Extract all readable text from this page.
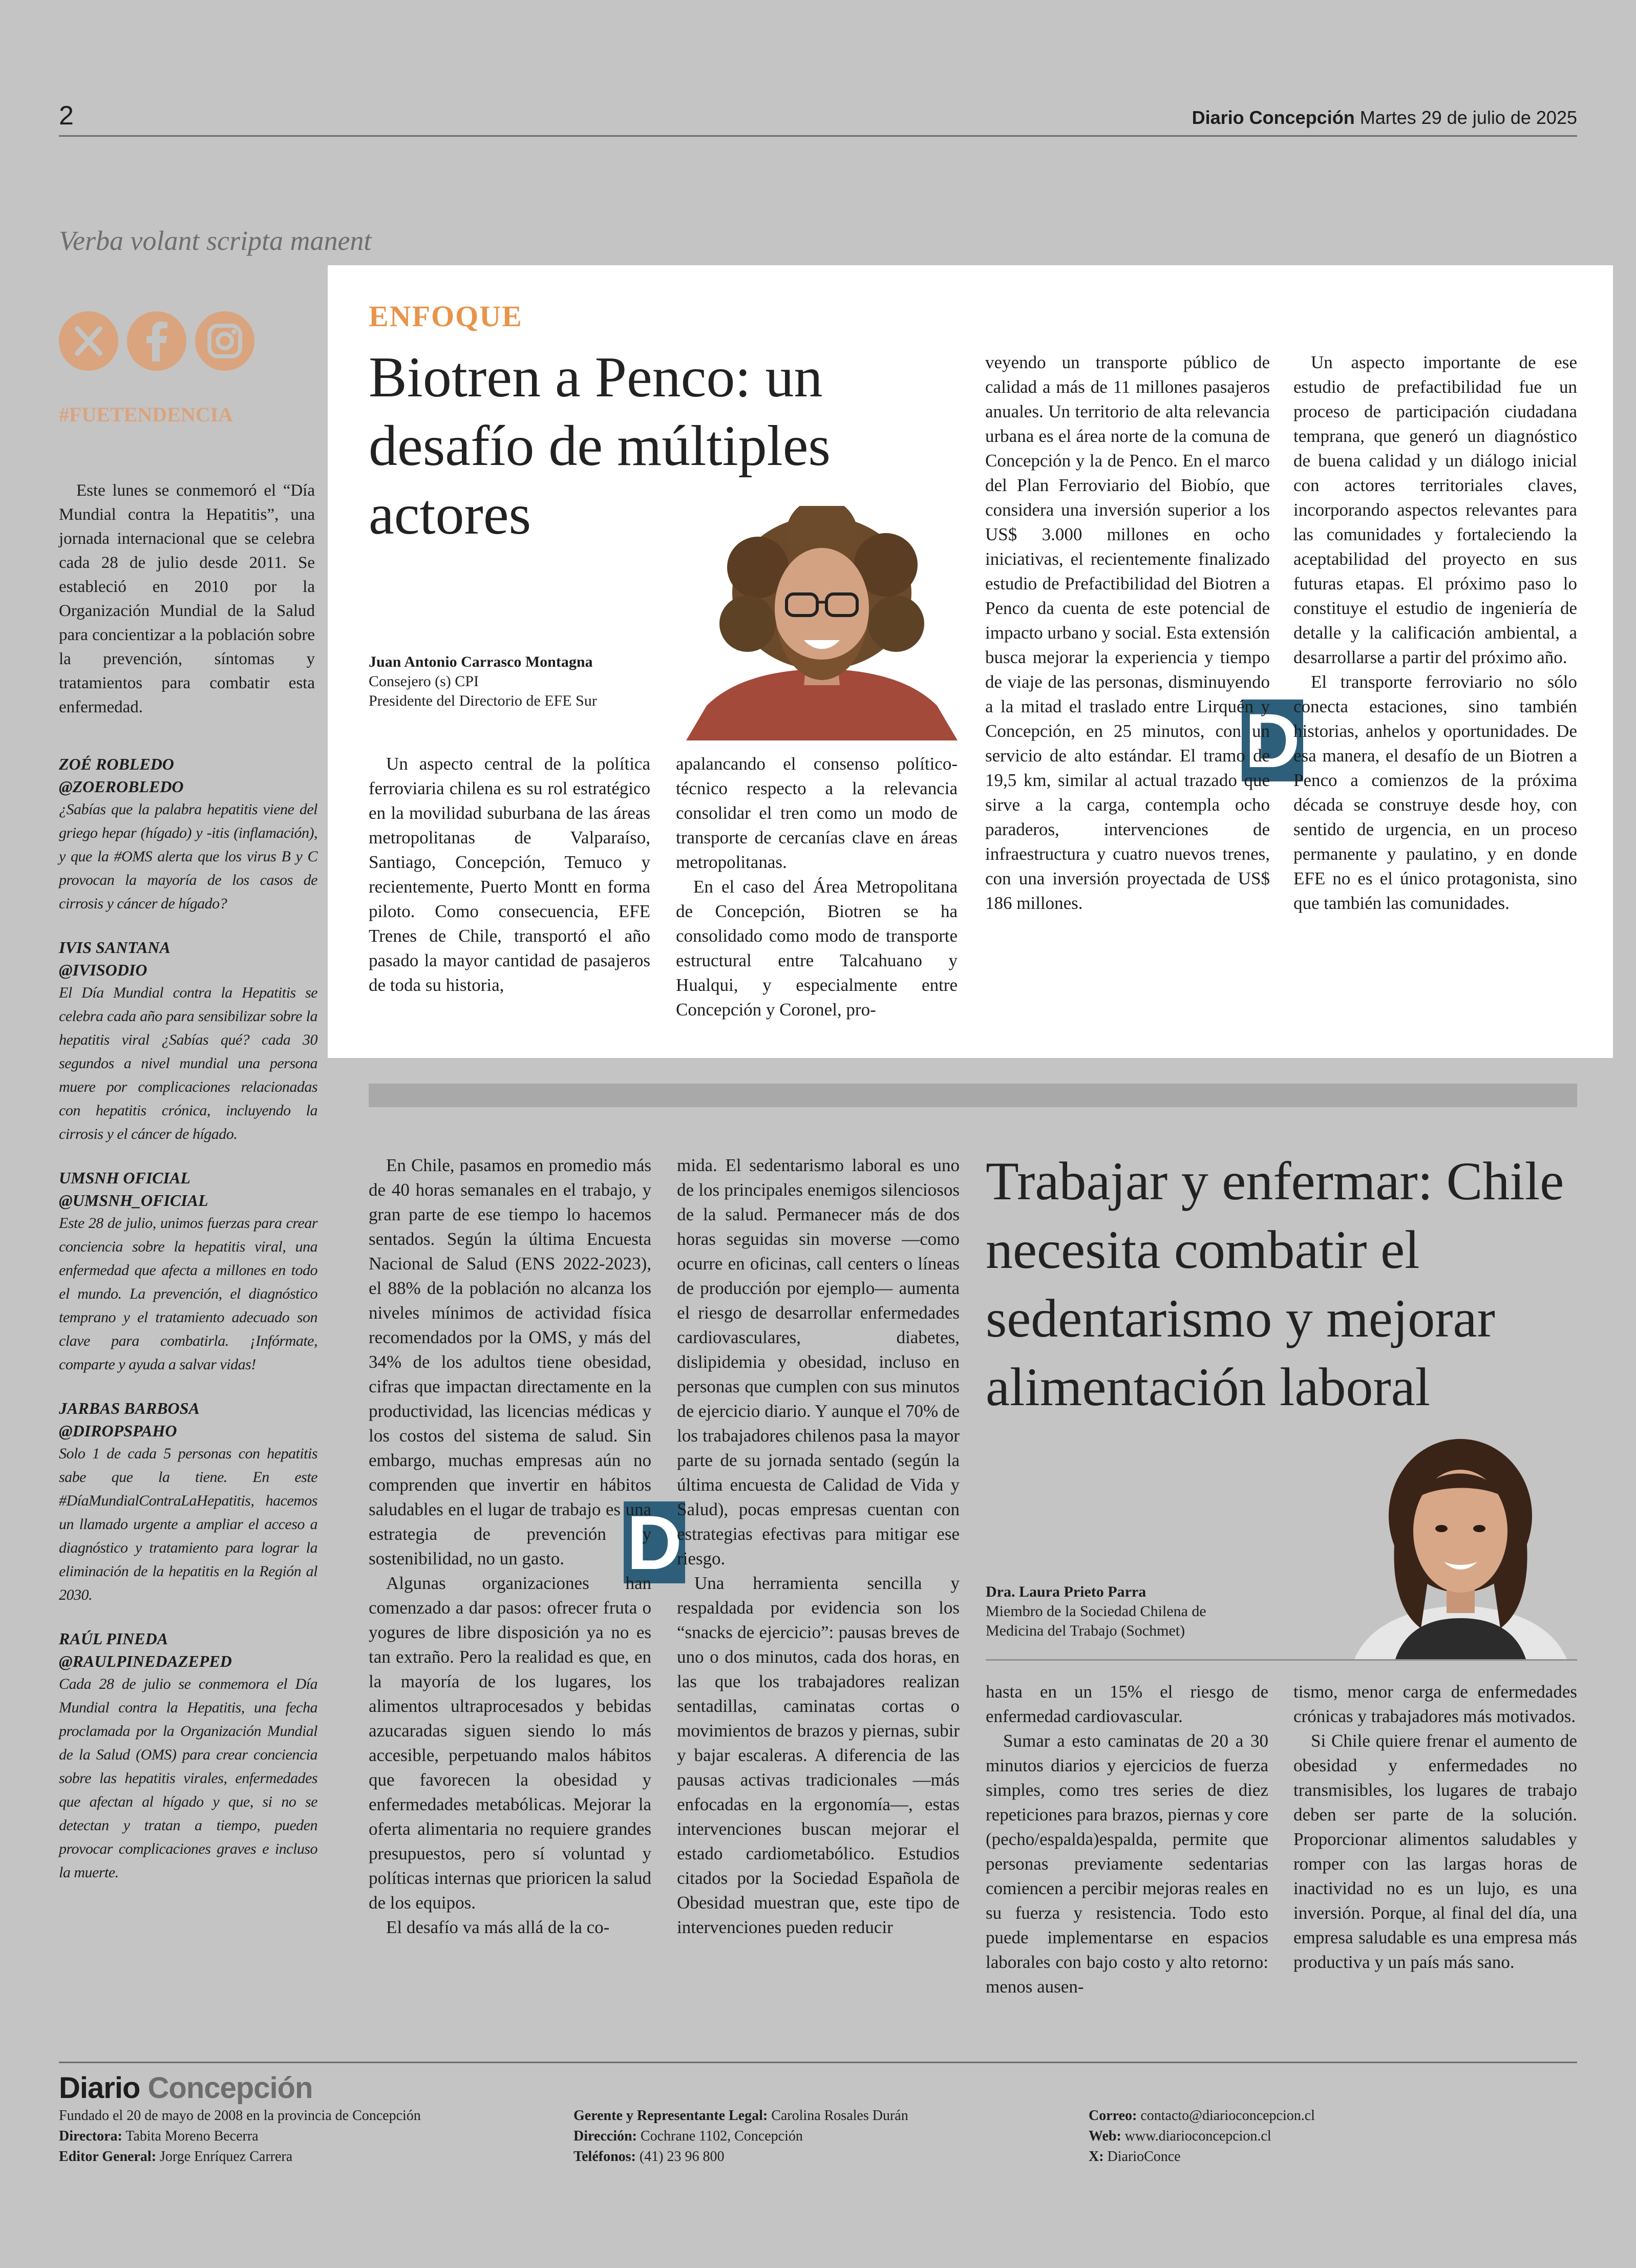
2	Diario Concepción Martes 29 de julio de 2025
Verba volant scripta manent
#FUETENDENCIA

Este lunes se conmemoró el “Día Mundial contra la Hepatitis”, una jornada internacional que se celebra cada 28 de julio desde 2011. Se estableció en 2010 por la Organización Mundial de la Salud para concientizar a la población sobre la prevención, síntomas y tratamientos para combatir esta enfermedad.

ZOÉ ROBLEDO
@ZOEROBLEDO
¿Sabías que la palabra hepatitis viene del griego hepar (hígado) y -itis (inflamación), y que la #OMS alerta que los virus B y C provocan la mayoría de los casos de cirrosis y cáncer de hígado?
IVIS SANTANA
@IVISODIO
El Día Mundial contra la Hepatitis se celebra cada año para sensibilizar sobre la hepatitis viral ¿Sabías qué? cada 30 segundos a nivel mundial una persona muere por complicaciones relacionadas con hepatitis crónica, incluyendo la cirrosis y el cáncer de hígado.
UMSNH OFICIAL
@UMSNH_OFICIAL
Este 28 de julio, unimos fuerzas para crear conciencia sobre la hepatitis viral, una enfermedad que afecta a millones en todo el mundo. La prevención, el diagnóstico temprano y el tratamiento adecuado son clave para combatirla. ¡Infórmate, comparte y ayuda a salvar vidas!
JARBAS BARBOSA
@DIROPSPAHO
Solo 1 de cada 5 personas con hepatitis sabe que la tiene. En este #DíaMundialContraLaHepatitis, hacemos un llamado urgente a ampliar el acceso a diagnóstico y tratamiento para lograr la eliminación de la hepatitis en la Región al 2030.
RAÚL PINEDA
@RAULPINEDAZEPED
Cada 28 de julio se conmemora el Día Mundial contra la Hepatitis, una fecha proclamada por la Organización Mundial de la Salud (OMS) para crear conciencia sobre las hepatitis virales, enfermedades que afectan al hígado y que, si no se detectan y tratan a tiempo, pueden provocar complicaciones graves e incluso la muerte.
ENFOQUE
Biotren a Penco: un desafío de múltiples actores
Juan Antonio Carrasco Montagna
Consejero (s) CPI
Presidente del Directorio de EFE Sur	D

Un aspecto central de la política ferroviaria chilena es su rol estratégico en la movilidad suburbana de las áreas metropolitanas de Valparaíso, Santiago, Concepción, Temuco y recientemente, Puerto Montt en forma piloto. Como consecuencia, EFE Trenes de Chile, transportó el año pasado la mayor cantidad de pasajeros de toda su historia,

apalancando el consenso político-técnico respecto a la relevancia consolidar el tren como un modo de transporte de cercanías clave en áreas metropolitanas.

En el caso del Área Metropolitana de Concepción, Biotren se ha consolidado como modo de transporte estructural entre Talcahuano y Hualqui, y especialmente entre Concepción y Coronel, pro-

veyendo un transporte público de calidad a más de 11 millones pasajeros anuales. Un territorio de alta relevancia urbana es el área norte de la comuna de Concepción y la de Penco. En el marco del Plan Ferroviario del Biobío, que considera una inversión superior a los US$ 3.000 millones en ocho iniciativas, el recientemente finalizado estudio de Prefactibilidad del Biotren a Penco da cuenta de este potencial de impacto urbano y social. Esta extensión busca mejorar la experiencia y tiempo de viaje de las personas, disminuyendo a la mitad el traslado entre Lirquén y Concepción, en 25 minutos, con un servicio de alto estándar. El tramo de 19,5 km, similar al actual trazado que sirve a la carga, contempla ocho paraderos, intervenciones de infraestructura y cuatro nuevos trenes, con una inversión proyectada de US$ 186 millones.

Un aspecto importante de ese estudio de prefactibilidad fue un proceso de participación ciudadana temprana, que generó un diagnóstico de buena calidad y un diálogo inicial con actores territoriales claves, incorporando aspectos relevantes para las comunidades y fortaleciendo la aceptabilidad del proyecto en sus futuras etapas. El próximo paso lo constituye el estudio de ingeniería de detalle y la calificación ambiental, a desarrollarse a partir del próximo año.

El transporte ferroviario no sólo conecta estaciones, sino también historias, anhelos y oportunidades. De esa manera, el desafío de un Biotren a Penco a comienzos de la próxima década se construye desde hoy, con sentido de urgencia, en un proceso permanente y paulatino, y en donde EFE no es el único protagonista, sino que también las comunidades.

Trabajar y enfermar: Chile necesita combatir el sedentarismo y mejorar alimentación laboral
Dra. Laura Prieto Parra
Miembro de la Sociedad Chilena de
Medicina del Trabajo (Sochmet)
D

En Chile, pasamos en promedio más de 40 horas semanales en el trabajo, y gran parte de ese tiempo lo hacemos sentados. Según la última Encuesta Nacional de Salud (ENS 2022-2023), el 88% de la población no alcanza los niveles mínimos de actividad física recomendados por la OMS, y más del 34% de los adultos tiene obesidad, cifras que impactan directamente en la productividad, las licencias médicas y los costos del sistema de salud. Sin embargo, muchas empresas aún no comprenden que invertir en hábitos saludables en el lugar de trabajo es una estrategia de prevención y sostenibilidad, no un gasto.

Algunas organizaciones han comenzado a dar pasos: ofrecer fruta o yogures de libre disposición ya no es tan extraño. Pero la realidad es que, en la mayoría de los lugares, los alimentos ultraprocesados y bebidas azucaradas siguen siendo lo más accesible, perpetuando malos hábitos que favorecen la obesidad y enfermedades metabólicas. Mejorar la oferta alimentaria no requiere grandes presupuestos, pero sí voluntad y políticas internas que prioricen la salud de los equipos.

El desafío va más allá de la co-

mida. El sedentarismo laboral es uno de los principales enemigos silenciosos de la salud. Permanecer más de dos horas seguidas sin moverse —como ocurre en oficinas, call centers o líneas de producción por ejemplo— aumenta el riesgo de desarrollar enfermedades cardiovasculares, diabetes, dislipidemia y obesidad, incluso en personas que cumplen con sus minutos de ejercicio diario. Y aunque el 70% de los trabajadores chilenos pasa la mayor parte de su jornada sentado (según la última encuesta de Calidad de Vida y Salud), pocas empresas cuentan con estrategias efectivas para mitigar ese riesgo.

Una herramienta sencilla y respaldada por evidencia son los “snacks de ejercicio”: pausas breves de uno o dos minutos, cada dos horas, en las que los trabajadores realizan sentadillas, caminatas cortas o movimientos de brazos y piernas, subir y bajar escaleras. A diferencia de las pausas activas tradicionales —más enfocadas en la ergonomía—, estas intervenciones buscan mejorar el estado cardiometabólico. Estudios citados por la Sociedad Española de Obesidad muestran que, este tipo de intervenciones pueden reducir

hasta en un 15% el riesgo de enfermedad cardiovascular.

Sumar a esto caminatas de 20 a 30 minutos diarios y ejercicios de fuerza simples, como tres series de diez repeticiones para brazos, piernas y core (pecho/espalda)espalda, permite que personas previamente sedentarias comiencen a percibir mejoras reales en su fuerza y resistencia. Todo esto puede implementarse en espacios laborales con bajo costo y alto retorno: menos ausen-

tismo, menor carga de enfermedades crónicas y trabajadores más motivados.

Si Chile quiere frenar el aumento de obesidad y enfermedades no transmisibles, los lugares de trabajo deben ser parte de la solución. Proporcionar alimentos saludables y romper con las largas horas de inactividad no es un lujo, es una inversión. Porque, al final del día, una empresa saludable es una empresa más productiva y un país más sano.

Diario Concepción
Fundado el 20 de mayo de 2008 en la provincia de Concepción
Directora: Tabita Moreno Becerra
Editor General: Jorge Enríquez Carrera
Gerente y Representante Legal: Carolina Rosales Durán
Dirección: Cochrane 1102, Concepción
Teléfonos: (41) 23 96 800
Correo: contacto@diarioconcepcion.cl
Web: www.diarioconcepcion.cl
X: DiarioConce
